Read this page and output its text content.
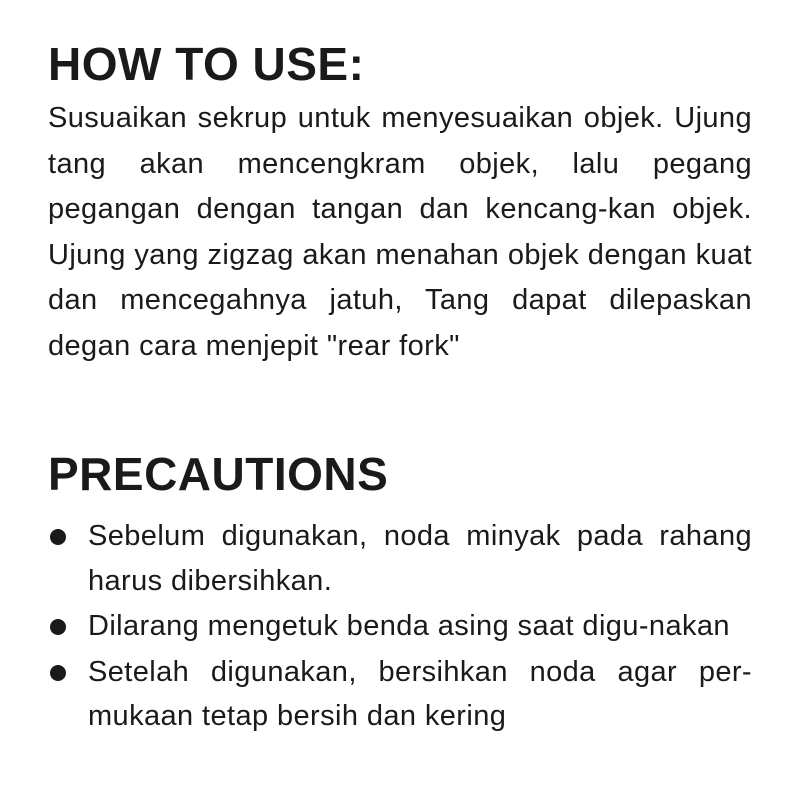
HOW TO USE:

Susuaikan sekrup untuk menyesuaikan objek. Ujung tang akan mencengkram objek, lalu pegang pegangan dengan tangan dan kencang-kan objek. Ujung yang zigzag akan menahan objek dengan kuat dan mencegahnya jatuh, Tang dapat dilepaskan degan cara menjepit "rear fork"

PRECAUTIONS
Sebelum digunakan, noda minyak pada rahang harus dibersihkan.
Dilarang mengetuk benda asing saat digu-nakan
Setelah digunakan, bersihkan noda agar per-mukaan tetap bersih dan kering
